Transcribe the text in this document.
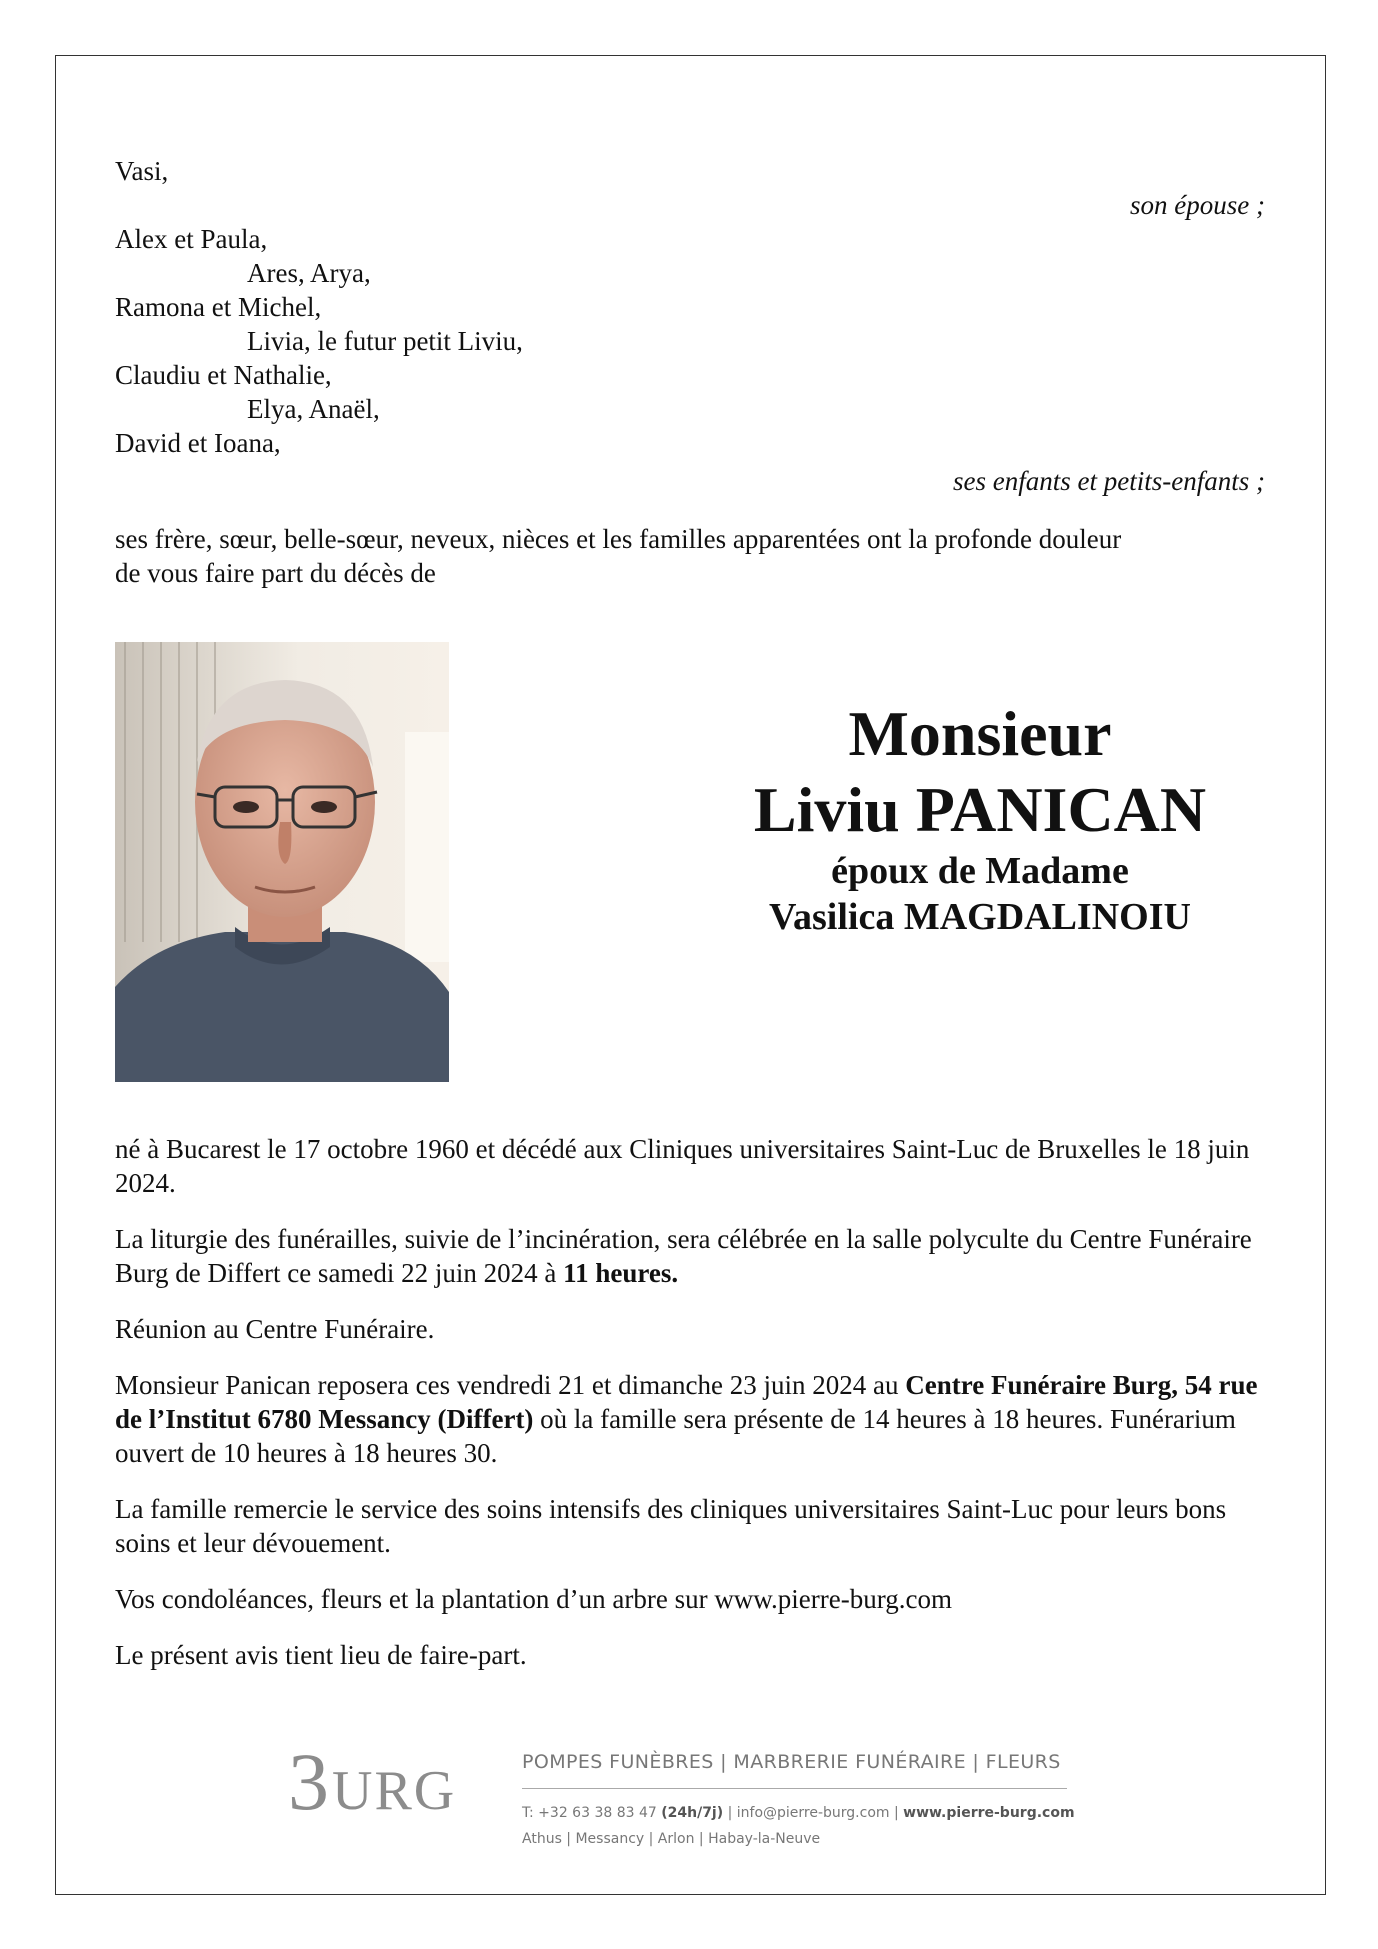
Vasi,
son épouse ;
Alex et Paula,
Ares, Arya,
Ramona et Michel,
Livia, le futur petit Liviu,
Claudiu et Nathalie,
Elya, Anaël,
David et Ioana,
ses enfants et petits-enfants ;
ses frère, sœur, belle-sœur, neveux, nièces et les familles apparentées ont la profonde douleur
de vous faire part du décès de
Monsieur
Liviu PANICAN
époux de Madame
Vasilica MAGDALINOIU
né à Bucarest le 17 octobre 1960 et décédé aux Cliniques universitaires Saint-Luc de Bruxelles le 18 juin 2024.
La liturgie des funérailles, suivie de l’incinération, sera célébrée en la salle polyculte du Centre Funéraire Burg de Differt ce samedi 22 juin 2024 à 11 heures.
Réunion au Centre Funéraire.
Monsieur Panican reposera ces vendredi 21 et dimanche 23 juin 2024 au Centre Funéraire Burg, 54 rue de l’Institut 6780 Messancy (Differt) où la famille sera présente de 14 heures à 18 heures. Funérarium ouvert de 10 heures à 18 heures 30.
La famille remercie le service des soins intensifs des cliniques universitaires Saint-Luc pour leurs bons soins et leur dévouement.
Vos condoléances, fleurs et la plantation d’un arbre sur www.pierre-burg.com
Le présent avis tient lieu de faire-part.
3 URG	POMPES FUNÈBRES | MARBRERIE FUNÉRAIRE | FLEURS
T: +32 63 38 83 47 (24h/7j) | info@pierre-burg.com | www.pierre-burg.com
Athus | Messancy | Arlon | Habay-la-Neuve
